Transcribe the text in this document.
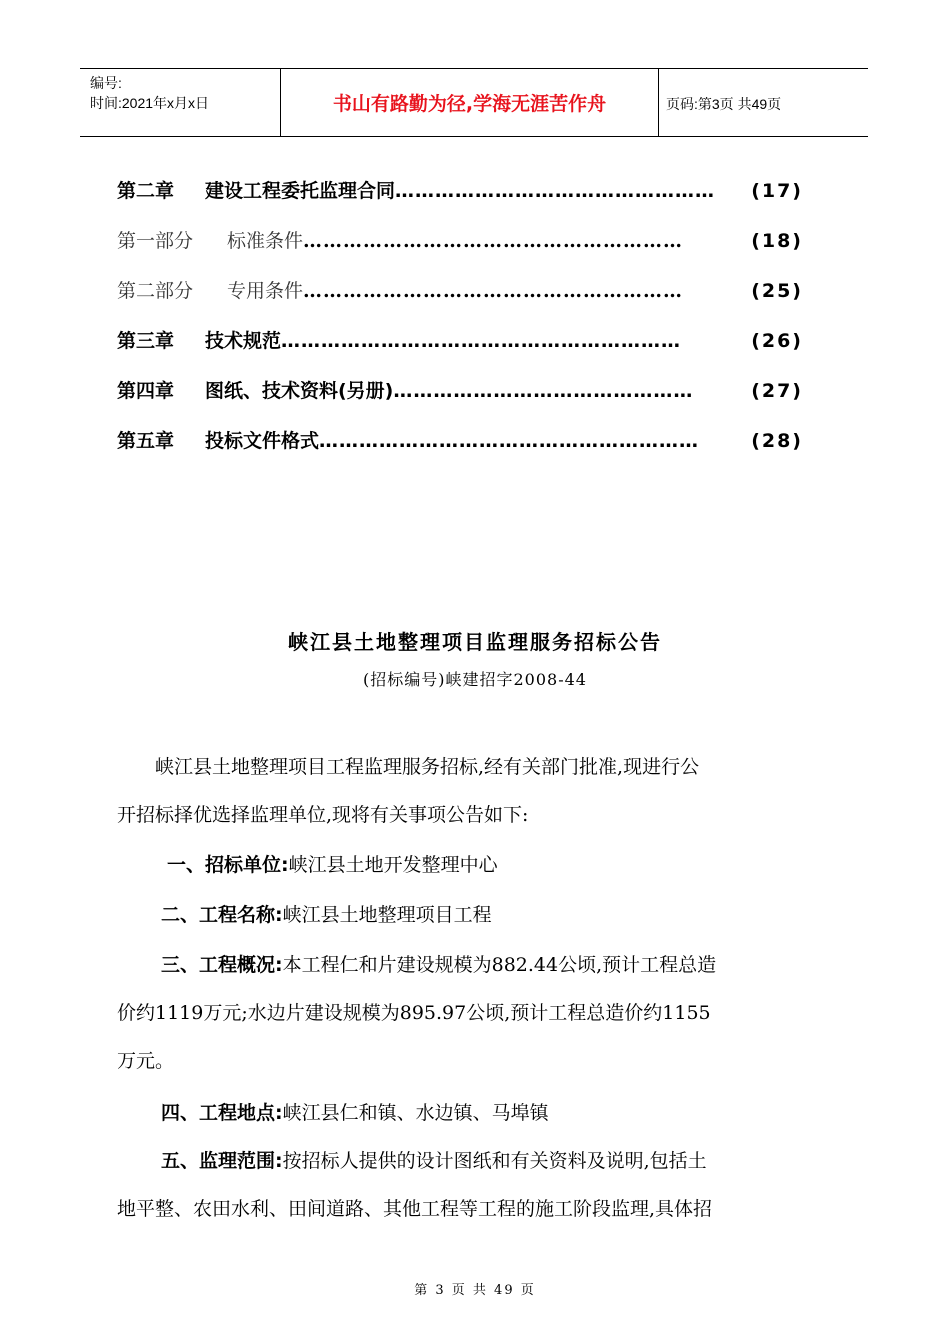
编号:
时间:2021年x月x日	书山有路勤为径,学海无涯苦作舟	页码:第3页 共49页
第二章	建设工程委托监理合同 …………………………………………	(17)
第一部分	标准条件 …………………………………………………	(18)
第二部分	专用条件 …………………………………………………	(25)
第三章	技术规范 ……………………………………………………	(26)
第四章	图纸、技术资料(另册) ………………………………………	(27)
第五章	投标文件格式 …………………………………………………	(28)
峡江县土地整理项目监理服务招标公告
(招标编号)峡建招字2008-44
峡江县土地整理项目工程监理服务招标,经有关部门批准,现进行公
开招标择优选择监理单位,现将有关事项公告如下:
一、招标单位:峡江县土地开发整理中心
二、工程名称:峡江县土地整理项目工程
三、工程概况:本工程仁和片建设规模为882.44公顷,预计工程总造
价约1119万元;水边片建设规模为895.97公顷,预计工程总造价约1155
万元。
四、工程地点:峡江县仁和镇、水边镇、马埠镇
五、监理范围:按招标人提供的设计图纸和有关资料及说明,包括土
地平整、农田水利、田间道路、其他工程等工程的施工阶段监理,具体招
第 3 页 共 49 页
